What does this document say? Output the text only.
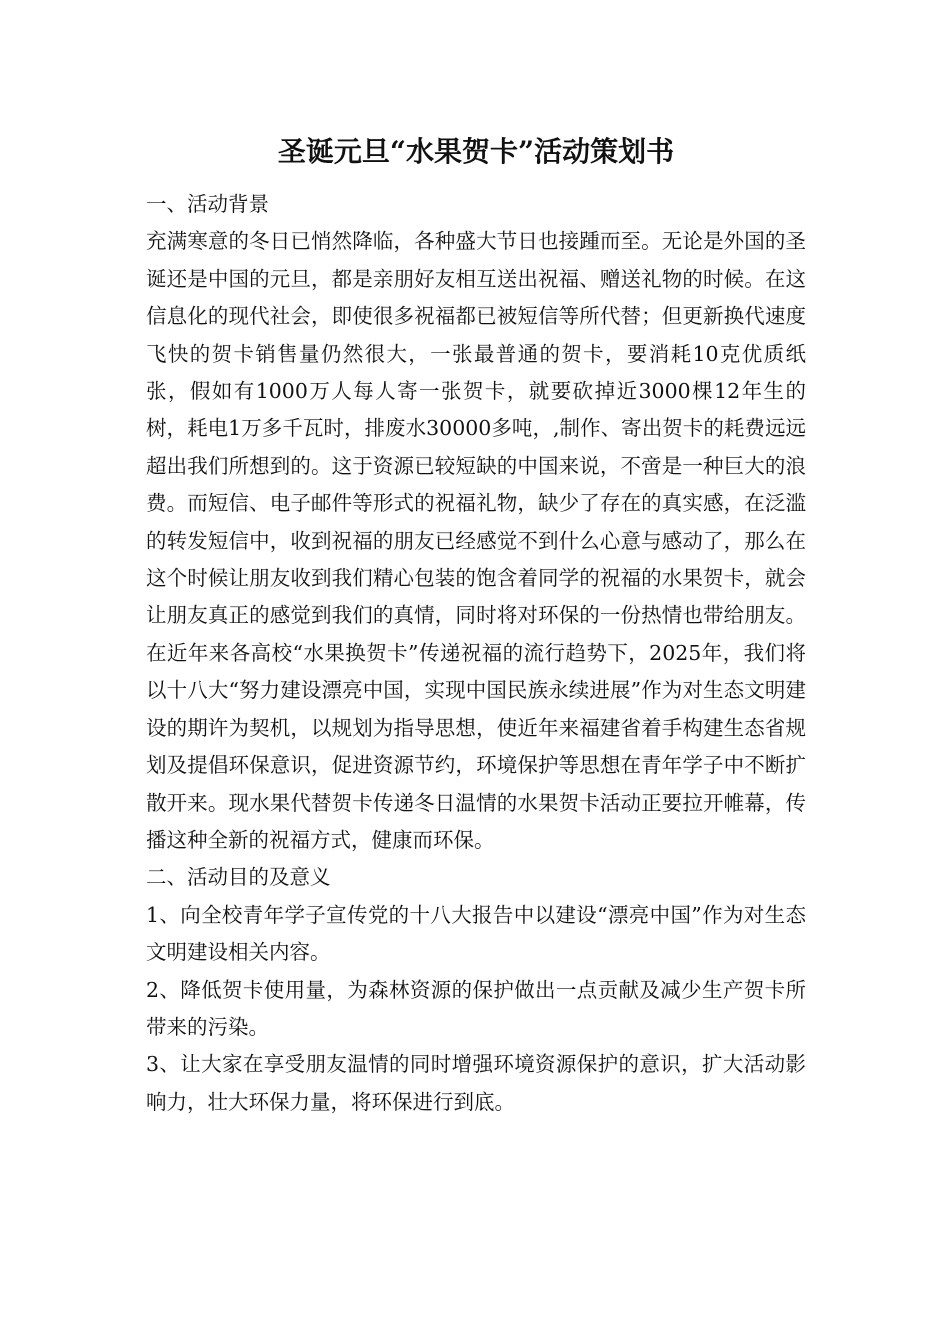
圣诞元旦“水果贺卡”活动策划书

一、活动背景

充满寒意的冬日已悄然降临，各种盛大节日也接踵而至。无论是外国的圣诞还是中国的元旦，都是亲朋好友相互送出祝福、赠送礼物的时候。在这信息化的现代社会，即使很多祝福都已被短信等所代替；但更新换代速度飞快的贺卡销售量仍然很大，一张最普通的贺卡，要消耗10克优质纸张，假如有1000万人每人寄一张贺卡，就要砍掉近3000棵12年生的树，耗电1万多千瓦时，排废水30000多吨，,制作、寄出贺卡的耗费远远超出我们所想到的。这于资源已较短缺的中国来说，不啻是一种巨大的浪费。而短信、电子邮件等形式的祝福礼物，缺少了存在的真实感，在泛滥的转发短信中，收到祝福的朋友已经感觉不到什么心意与感动了，那么在这个时候让朋友收到我们精心包装的饱含着同学的祝福的水果贺卡，就会让朋友真正的感觉到我们的真情，同时将对环保的一份热情也带给朋友。在近年来各高校“水果换贺卡”传递祝福的流行趋势下，2025年，我们将以十八大“努力建设漂亮中国，实现中国民族永续进展”作为对生态文明建设的期许为契机，以规划为指导思想，使近年来福建省着手构建生态省规划及提倡环保意识，促进资源节约，环境保护等思想在青年学子中不断扩散开来。现水果代替贺卡传递冬日温情的水果贺卡活动正要拉开帷幕，传播这种全新的祝福方式，健康而环保。

二、活动目的及意义

1、向全校青年学子宣传党的十八大报告中以建设“漂亮中国”作为对生态文明建设相关内容。

2、降低贺卡使用量，为森林资源的保护做出一点贡献及减少生产贺卡所带来的污染。

3、让大家在享受朋友温情的同时增强环境资源保护的意识，扩大活动影响力，壮大环保力量，将环保进行到底。
